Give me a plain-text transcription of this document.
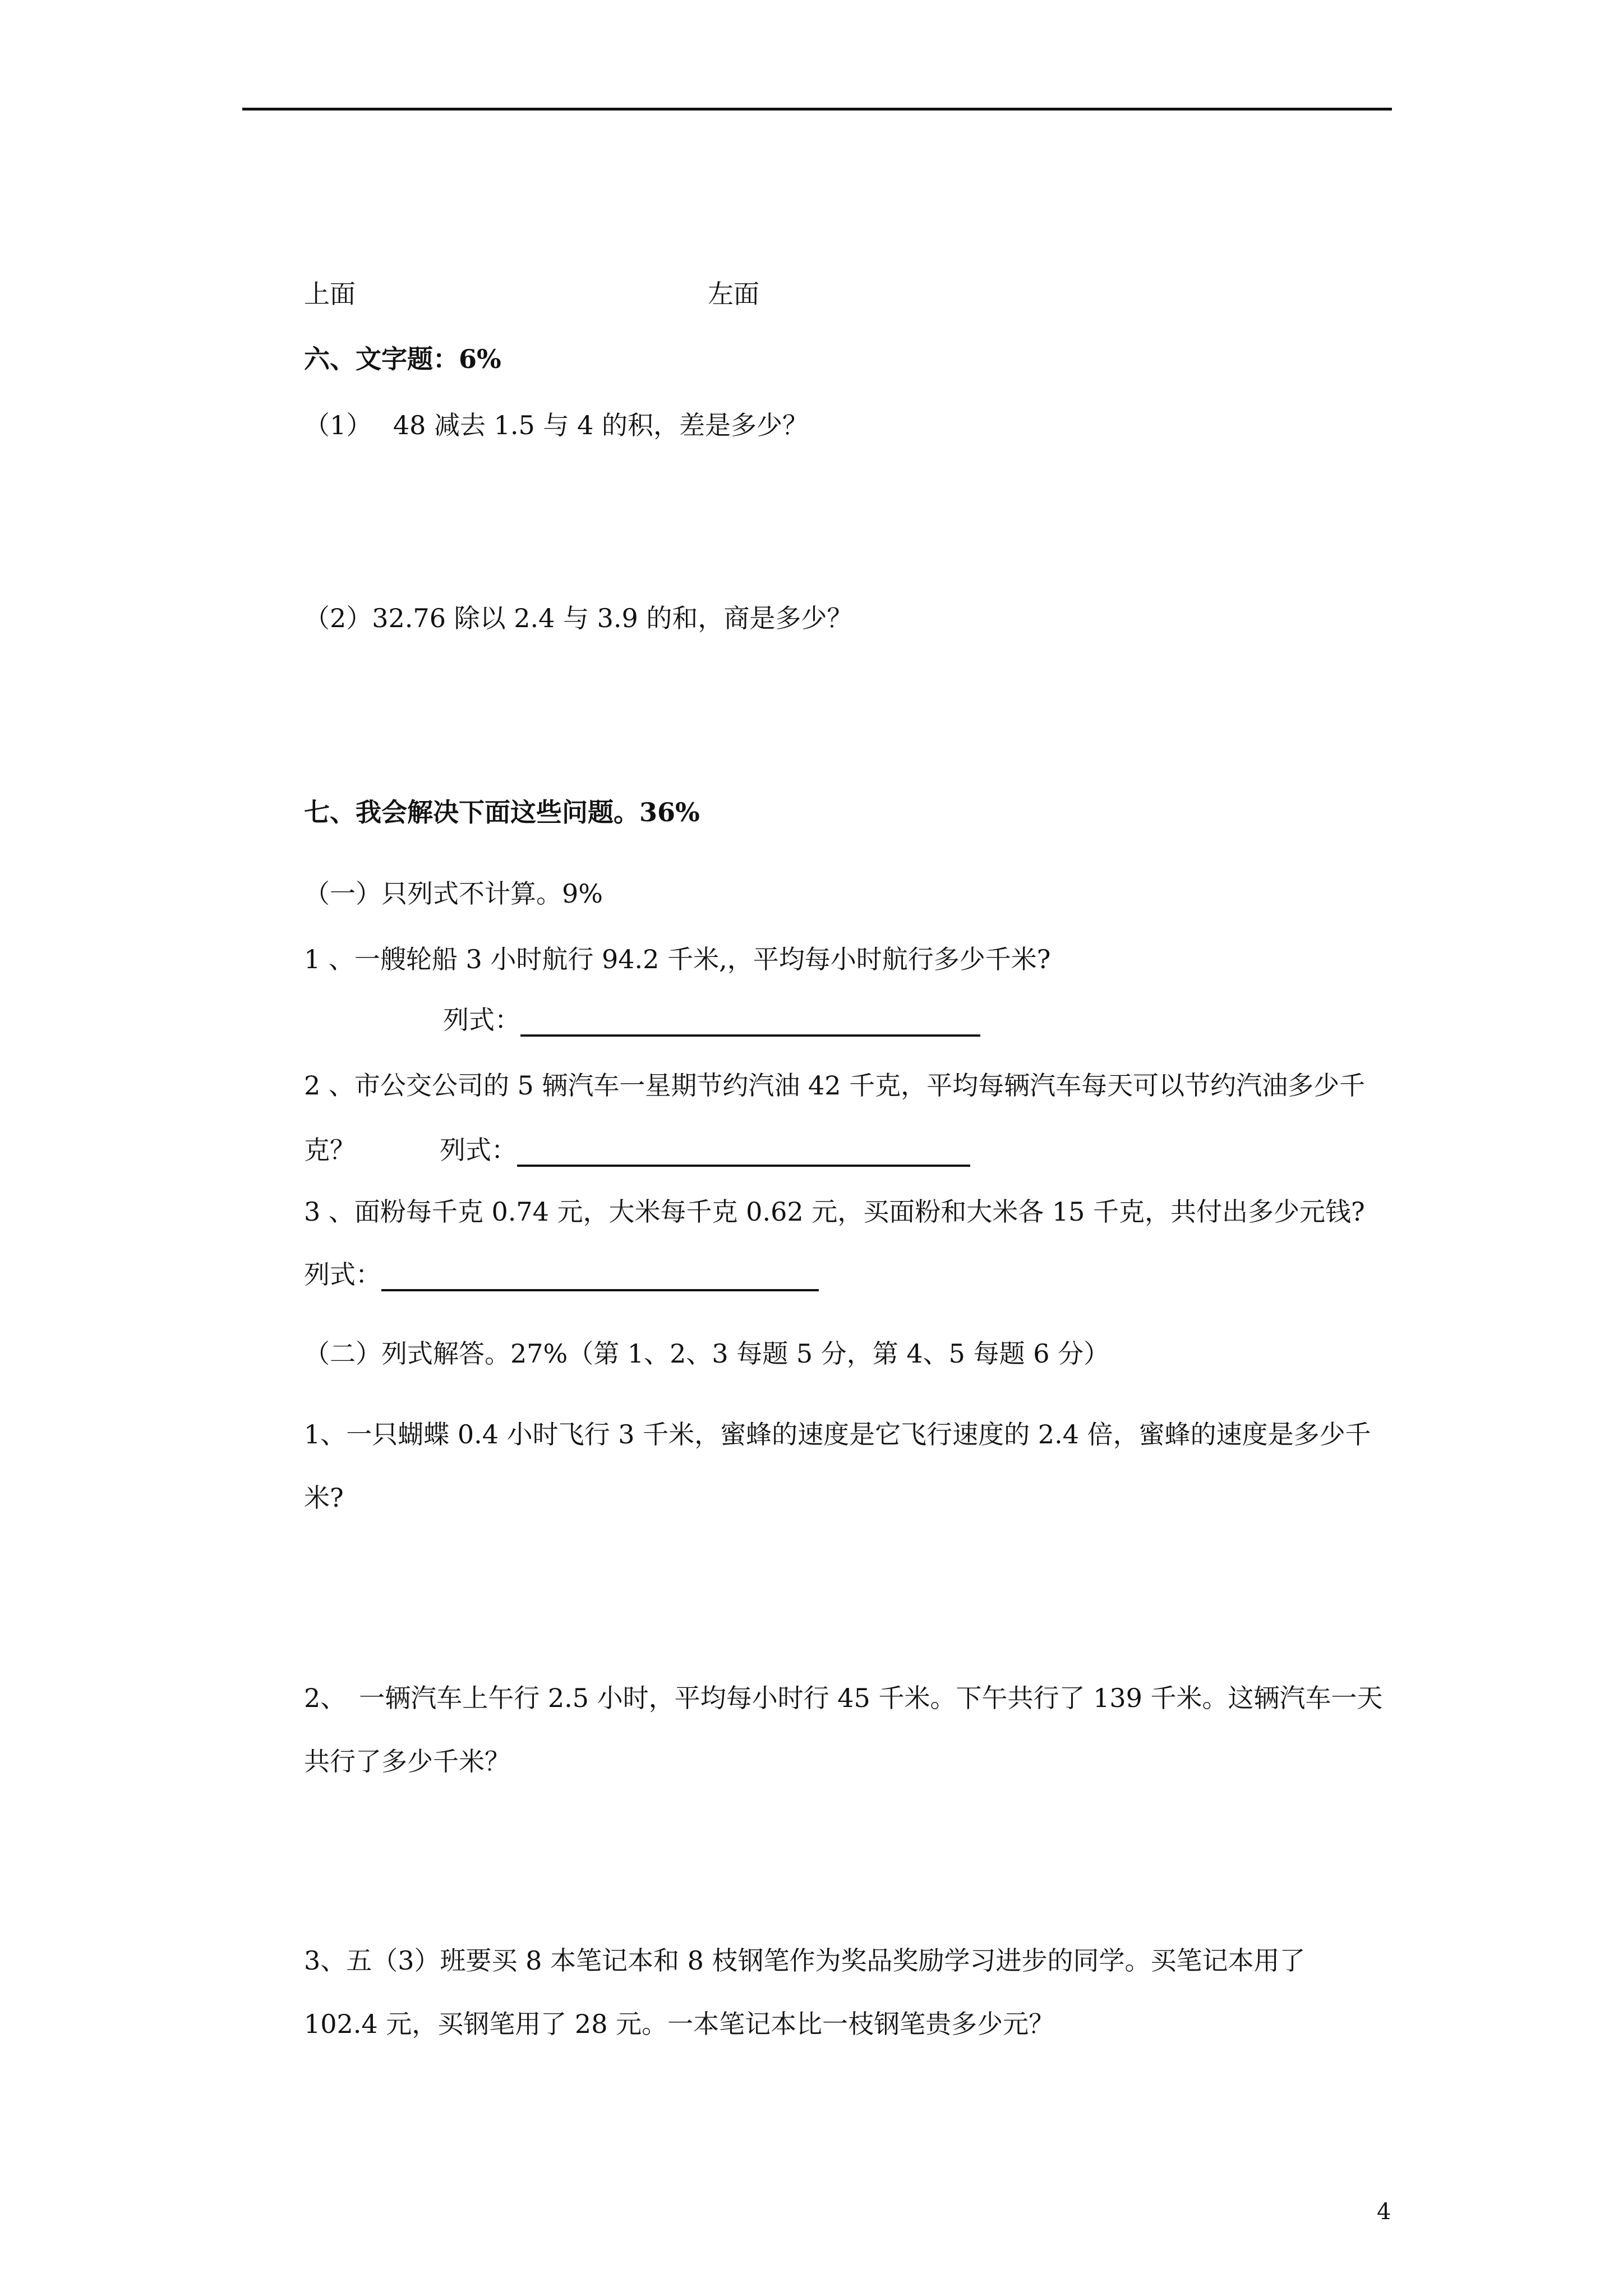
上面	左面
六、文字题：6%
（1）　 48 减去 1.5 与 4 的积，差是多少？
（2）32.76 除以 2.4 与 3.9 的和，商是多少？
七、我会解决下面这些问题。36%
（一）只列式不计算。9%
1 、一艘轮船 3 小时航行 94.2 千米,，平均每小时航行多少千米?
列式：
2 、市公交公司的 5 辆汽车一星期节约汽油 42 千克，平均每辆汽车每天可以节约汽油多少千
克？	列式：
3 、面粉每千克 0.74 元，大米每千克 0.62 元，买面粉和大米各 15 千克，共付出多少元钱?
列式：
（二）列式解答。27%（第 1、2、3 每题 5 分，第 4、5 每题 6 分）
1、一只蝴蝶 0.4 小时飞行 3 千米，蜜蜂的速度是它飞行速度的 2.4 倍，蜜蜂的速度是多少千
米?
2、　一辆汽车上午行 2.5 小时，平均每小时行 45 千米。下午共行了 139 千米。这辆汽车一天
共行了多少千米？
3、五（3）班要买 8 本笔记本和 8 枝钢笔作为奖品奖励学习进步的同学。买笔记本用了
102.4 元，买钢笔用了 28 元。一本笔记本比一枝钢笔贵多少元？
4
